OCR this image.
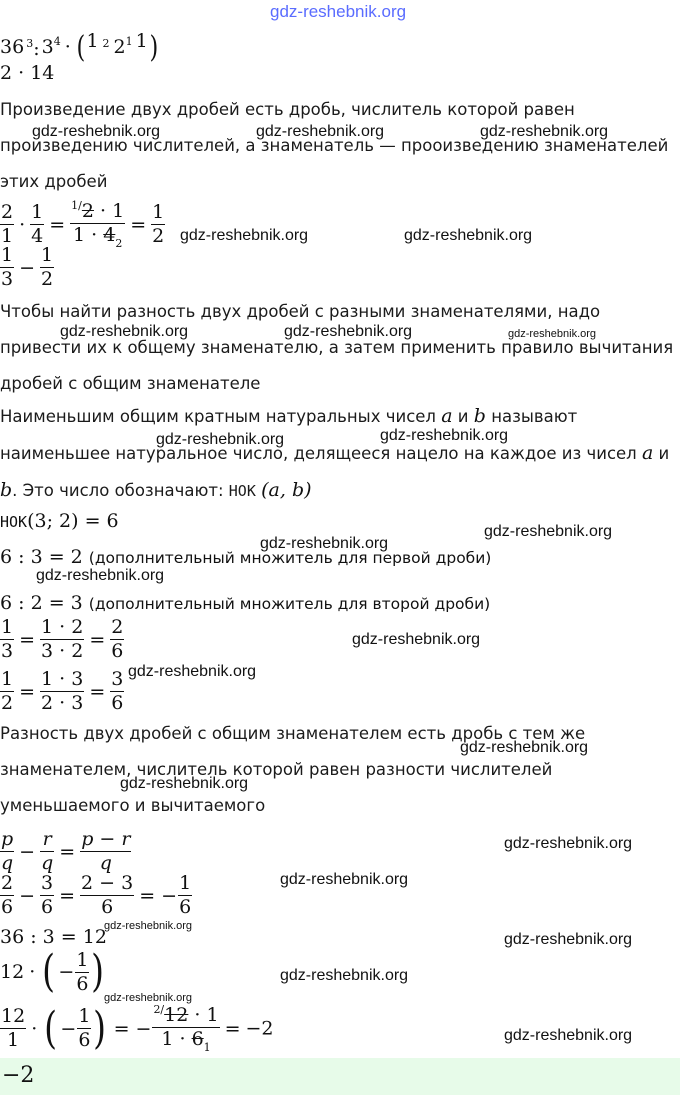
gdz-reshebnik.org
36 $^3$: $3^4 \cdot (1$ $^2$ $2^1$ 1)
2 · 14
Произведение двух дробей есть дробь, числитель которой равен произведению числителей, а знаменатель — прооизведению знаменателей этих дробей
$\frac{2}{1} \cdot \frac{1}{4} = \frac{^{1/}2 \cdot 1}{1 \cdot 4_2} = \frac{1}{2}$
$\frac{1}{3} - \frac{1}{2}$
Чтобы найти разность двух дробей с разными знаменателями, надо привести их к общему знаменателю, а затем применить правило вычитания дробей с общим знаменателе
Наименьшим общим кратным натуральных чисел a и b называют наименьшее натуральное число, делящееся нацело на каждое из чисел a и b. Это число обозначают: НОК (a, b)
НОК(3; 2) = 6
6 : 3 = 2 (дополнительный множитель для первой дроби)
6 : 2 = 3 (дополнительный множитель для второй дроби)
$\frac{1}{3} = \frac{1 \cdot 2}{3 \cdot 2} = \frac{2}{6}$
$\frac{1}{2} = \frac{1 \cdot 3}{2 \cdot 3} = \frac{3}{6}$
Разность двух дробей с общим знаменателем есть дробь с тем же знаменателем, числитель которой равен разности числителей уменьшаемого и вычитаемого
$\frac{p}{q} - \frac{r}{q} = \frac{p - r}{q}$
$\frac{2}{6} - \frac{3}{6} = \frac{2 - 3}{6}$ = − $\frac{1}{6}$
36 : 3 = 12
12 · ( − $\frac{1}{6}$ )
$\frac{12}{1}$ · ( − $\frac{1}{6}$ ) = − $\frac{^{2/}12 \cdot 1}{1 \cdot 6_1} = -2$
−2
gdz-reshebnik.org	gdz-reshebnik.org	gdz-reshebnik.org
gdz-reshebnik.org	gdz-reshebnik.org
gdz-reshebnik.org	gdz-reshebnik.org	gdz-reshebnik.org
gdz-reshebnik.org	gdz-reshebnik.org
gdz-reshebnik.org
gdz-reshebnik.org
gdz-reshebnik.org
gdz-reshebnik.org
gdz-reshebnik.org
gdz-reshebnik.org
gdz-reshebnik.org
gdz-reshebnik.org
gdz-reshebnik.org
gdz-reshebnik.org
gdz-reshebnik.org
gdz-reshebnik.org
gdz-reshebnik.org
gdz-reshebnik.org
